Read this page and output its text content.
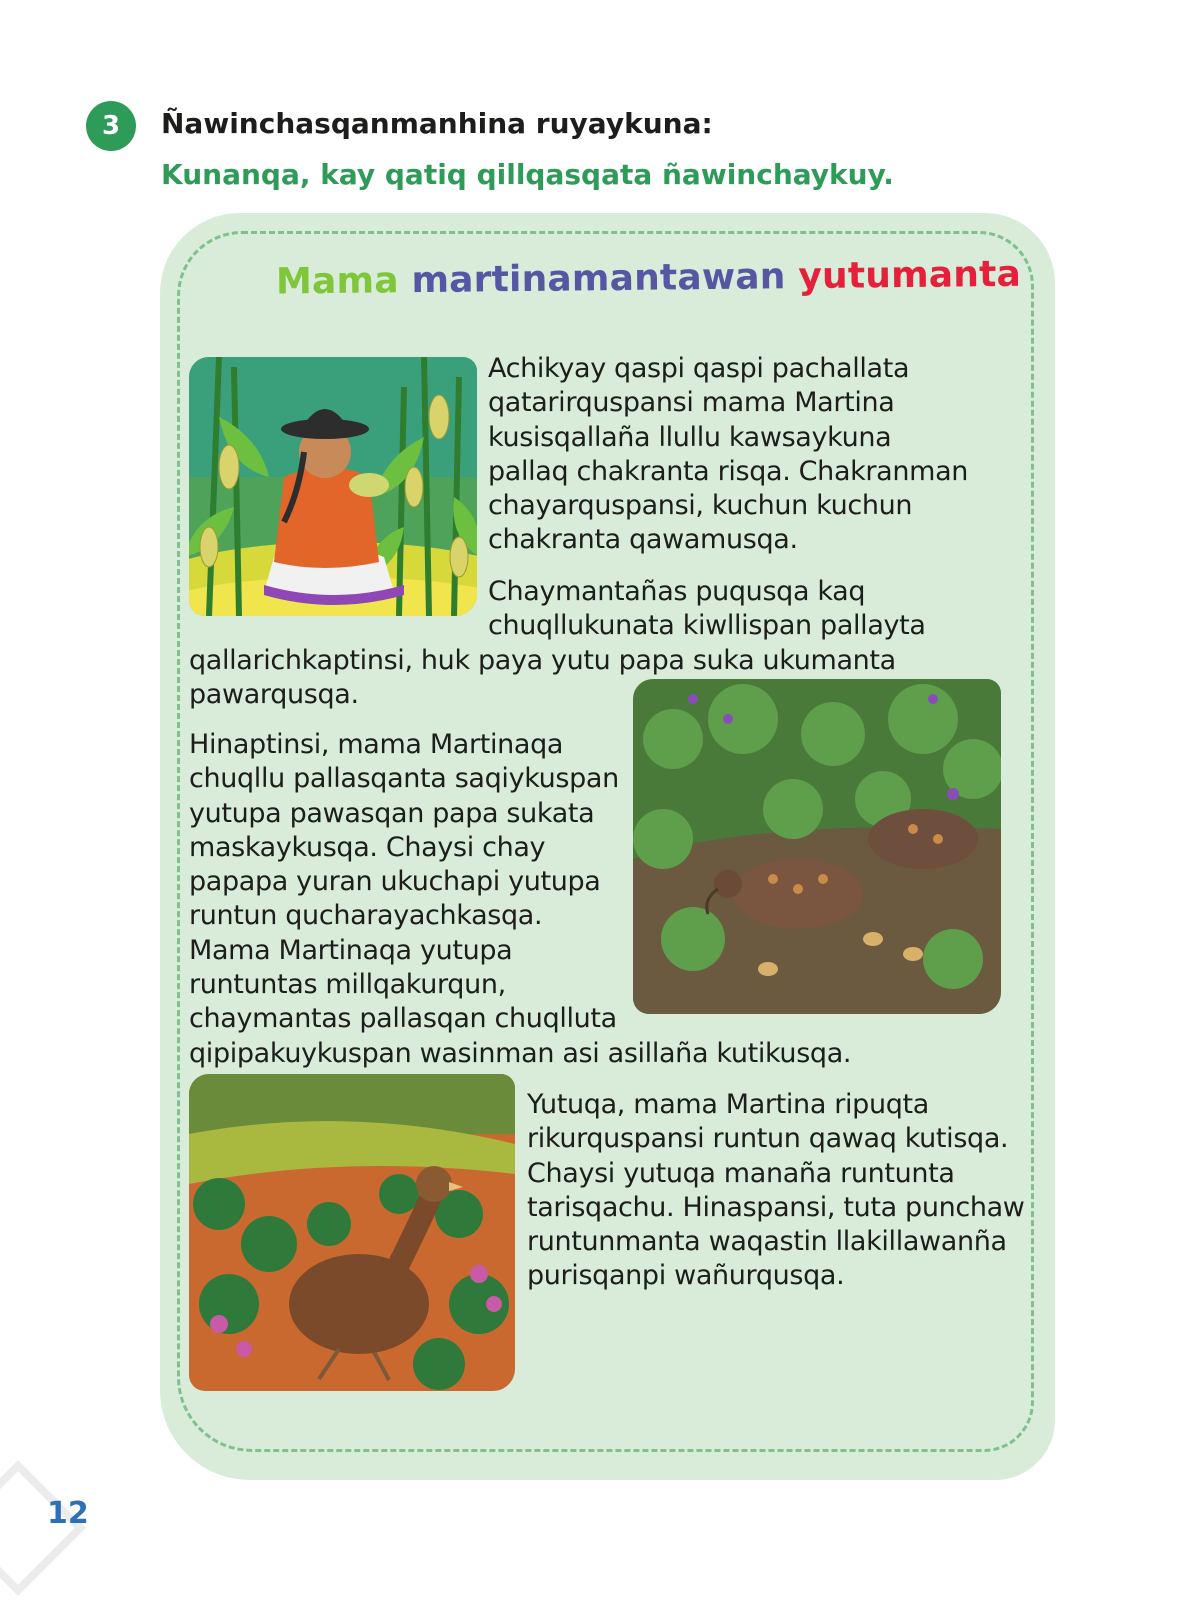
3	Ñawinchasqanmanhina ruyaykuna:
Kunanqa, kay qatiq qillqasqata ñawinchaykuy.
Mama martinamantawan yutumanta
Achikyay qaspi qaspi pachallata
qatarirquspansi mama Martina
kusisqallaña llullu kawsaykuna
pallaq chakranta risqa. Chakranman
chayarquspansi, kuchun kuchun
chakranta qawamusqa.
Chaymantañas puqusqa kaq
chuqllukunata kiwllispan pallayta
qallarichkaptinsi, huk paya yutu papa suka ukumanta
pawarqusqa.
Hinaptinsi, mama Martinaqa
chuqllu pallasqanta saqiykuspan
yutupa pawasqan papa sukata
maskaykusqa. Chaysi chay
papapa yuran ukuchapi yutupa
runtun qucharayachkasqa.
Mama Martinaqa yutupa
runtuntas millqakurqun,
chaymantas pallasqan chuqlluta
qipipakuykuspan wasinman asi asillaña kutikusqa.
Yutuqa, mama Martina ripuqta
rikurquspansi runtun qawaq kutisqa.
Chaysi yutuqa manaña runtunta
tarisqachu. Hinaspansi, tuta punchaw
runtunmanta waqastin llakillawanña
purisqanpi wañurqusqa.
12
